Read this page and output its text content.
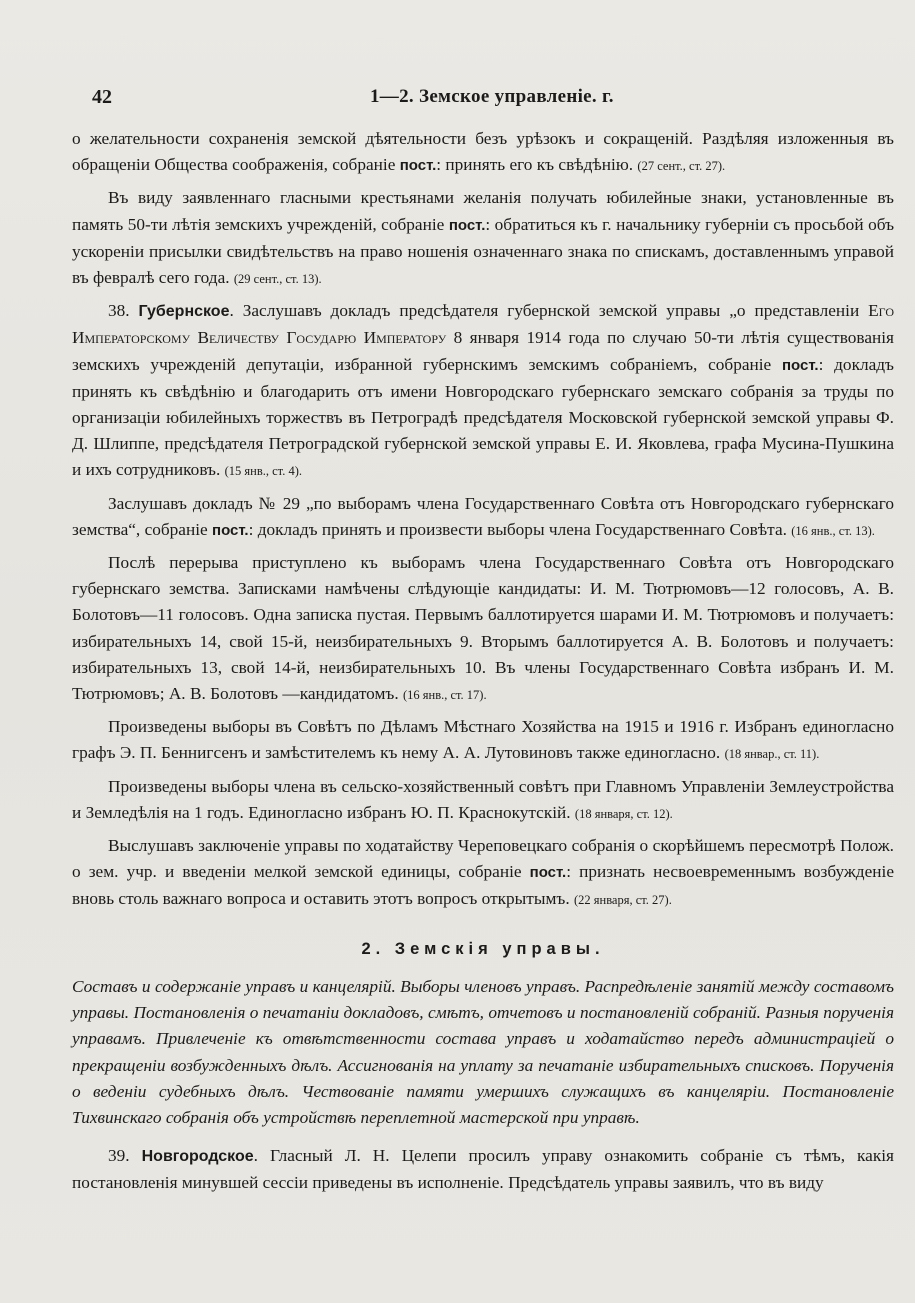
42	1—2. Земское управленіе. г.

о желательности сохраненія земской дѣятельности безъ урѣзокъ и сокращеній. Раздѣляя изложенныя въ обращеніи Общества соображенія, собраніе пост.: принять его къ свѣдѣнію. (27 сент., ст. 27).

Въ виду заявленнаго гласными крестьянами желанія получать юбилейные знаки, установленные въ память 50-ти лѣтія земскихъ учрежденій, собраніе пост.: обратиться къ г. начальнику губерніи съ просьбой объ ускореніи присылки свидѣтельствъ на право ношенія означеннаго знака по спискамъ, доставленнымъ управой въ февралѣ сего года. (29 сент., ст. 13).

38. Губернское. Заслушавъ докладъ предсѣдателя губернской земской управы „о представленіи Его Императорскому Величеству Государю Императору 8 января 1914 года по случаю 50-ти лѣтія существованія земскихъ учрежденій депутаціи, избранной губернскимъ земскимъ собраніемъ, собраніе пост.: докладъ принять къ свѣдѣнію и благодарить отъ имени Новгородскаго губернскаго земскаго собранія за труды по организаціи юбилейныхъ торжествъ въ Петроградѣ предсѣдателя Московской губернской земской управы Ф. Д. Шлиппе, предсѣдателя Петроградской губернской земской управы Е. И. Яковлева, графа Мусина-Пушкина и ихъ сотрудниковъ. (15 янв., ст. 4).

Заслушавъ докладъ № 29 „по выборамъ члена Государственнаго Совѣта отъ Новгородскаго губернскаго земства“, собраніе пост.: докладъ принять и произвести выборы члена Государственнаго Совѣта. (16 янв., ст. 13).

Послѣ перерыва приступлено къ выборамъ члена Государственнаго Совѣта отъ Новгородскаго губернскаго земства. Записками намѣчены слѣдующіе кандидаты: И. М. Тютрюмовъ—12 голосовъ, А. В. Болотовъ—11 голосовъ. Одна записка пустая. Первымъ баллотируется шарами И. М. Тютрюмовъ и получаетъ: избирательныхъ 14, свой 15-й, неизбирательныхъ 9. Вторымъ баллотируется А. В. Болотовъ и получаетъ: избирательныхъ 13, свой 14-й, неизбирательныхъ 10. Въ члены Государственнаго Совѣта избранъ И. М. Тютрюмовъ; А. В. Болотовъ —кандидатомъ. (16 янв., ст. 17).

Произведены выборы въ Совѣтъ по Дѣламъ Мѣстнаго Хозяйства на 1915 и 1916 г. Избранъ единогласно графъ Э. П. Беннигсенъ и замѣстителемъ къ нему А. А. Лутовиновъ также единогласно. (18 январ., ст. 11).

Произведены выборы члена въ сельско-хозяйственный совѣтъ при Главномъ Управленіи Землеустройства и Земледѣлія на 1 годъ. Единогласно избранъ Ю. П. Краснокутскій. (18 января, ст. 12).

Выслушавъ заключеніе управы по ходатайству Череповецкаго собранія о скорѣйшемъ пересмотрѣ Полож. о зем. учр. и введеніи мелкой земской единицы, собраніе пост.: признать несвоевременнымъ возбужденіе вновь столь важнаго вопроса и оставить этотъ вопросъ открытымъ. (22 января, ст. 27).

2. Земскія управы.

Составъ и содержаніе управъ и канцелярій. Выборы членовъ управъ. Распредѣленіе занятій между составомъ управы. Постановленія о печатаніи докладовъ, смѣтъ, отчетовъ и постановленій собраній. Разныя порученія управамъ. Привлеченіе къ отвѣтственности состава управъ и ходатайство передъ администраціей о прекращеніи возбужденныхъ дѣлъ. Ассигнованія на уплату за печатаніе избирательныхъ списковъ. Порученія о веденіи судебныхъ дѣлъ. Чествованіе памяти умершихъ служащихъ въ канцеляріи. Постановленіе Тихвинскаго собранія объ устройствѣ переплетной мастерской при управѣ.

39. Новгородское. Гласный Л. Н. Целепи просилъ управу ознакомить собраніе съ тѣмъ, какія постановленія минувшей сессіи приведены въ исполненіе. Предсѣдатель управы заявилъ, что въ виду
